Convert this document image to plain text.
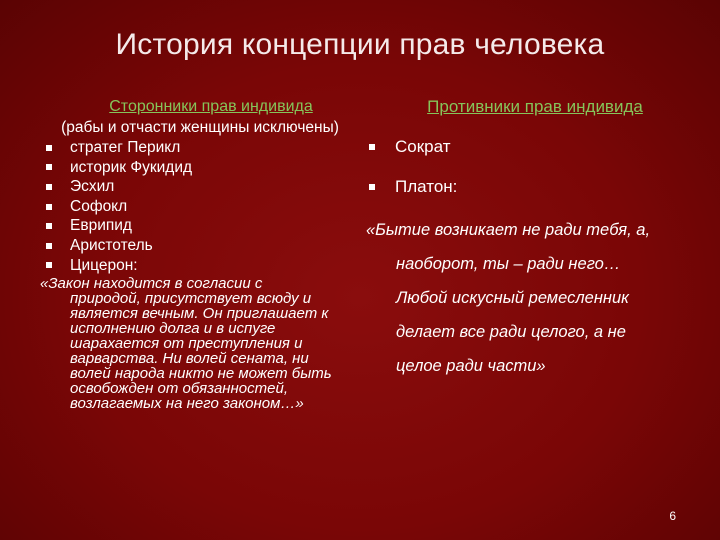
История концепции прав человека
Сторонники прав индивида
(рабы и отчасти женщины исключены)
стратег Перикл
историк Фукидид
Эсхил
Софокл
Еврипид
Аристотель
Цицерон:
«Закон находится в согласии с
природой, присутствует всюду и является вечным. Он приглашает к исполнению долга и в испуге шарахается от преступления и варварства. Ни волей сената, ни волей народа никто не может быть освобожден от обязанностей, возлагаемых на него законом…»
Противники прав индивида
Сократ
Платон:
«Бытие возникает не ради тебя, а,
наоборот, ты – ради него…
Любой искусный ремесленник
делает все ради целого, а не
целое ради части»
6
